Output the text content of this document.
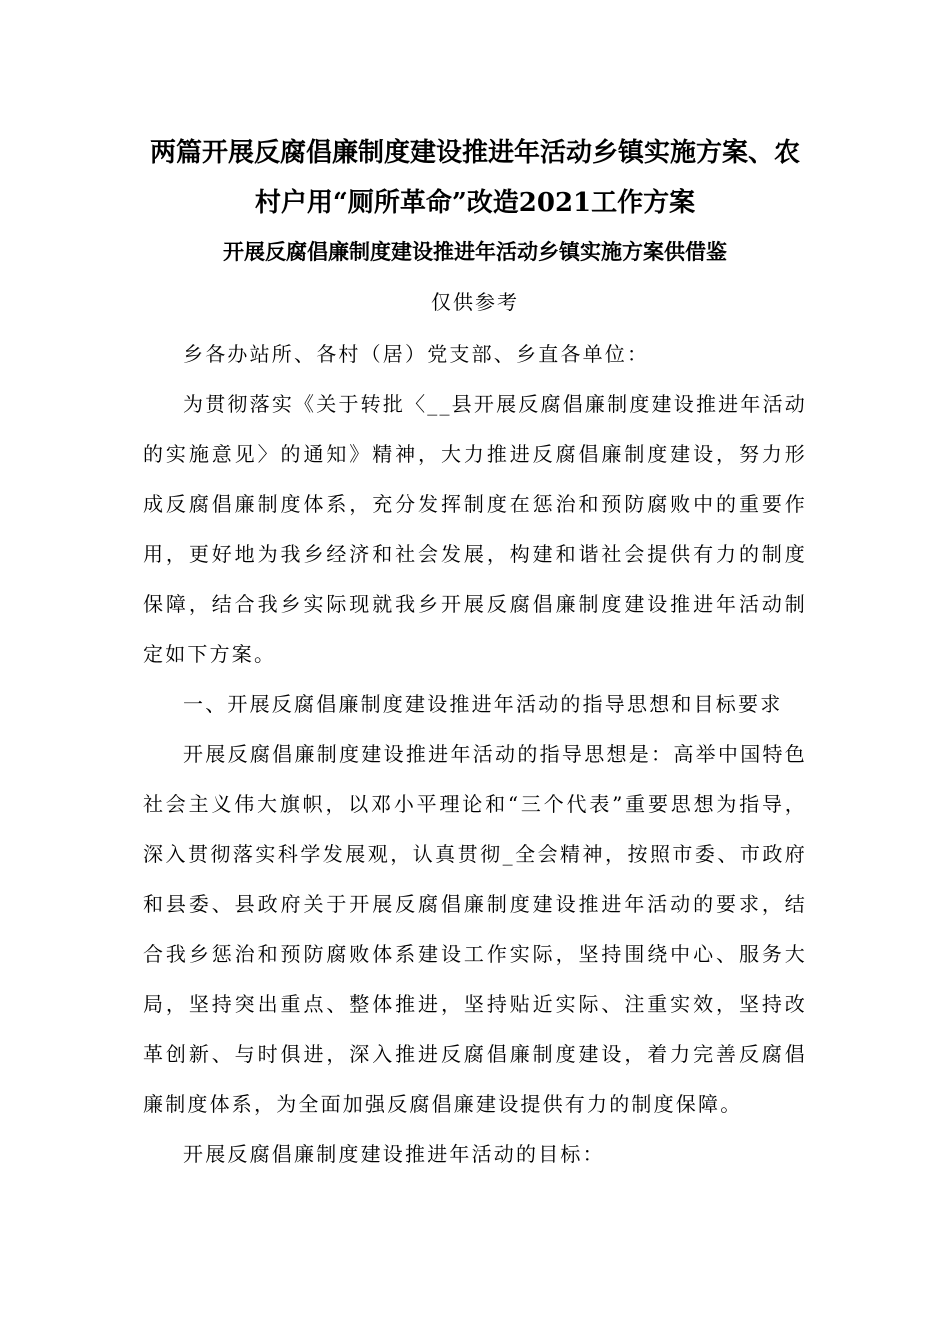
两篇开展反腐倡廉制度建设推进年活动乡镇实施方案、农
村户用“厕所革命”改造2021工作方案
开展反腐倡廉制度建设推进年活动乡镇实施方案供借鉴
仅供参考

乡各办站所、各村（居）党支部、乡直各单位：

为贯彻落实《关于转批〈__县开展反腐倡廉制度建设推进年活动的实施意见〉的通知》精神，大力推进反腐倡廉制度建设，努力形成反腐倡廉制度体系，充分发挥制度在惩治和预防腐败中的重要作用，更好地为我乡经济和社会发展，构建和谐社会提供有力的制度保障，结合我乡实际现就我乡开展反腐倡廉制度建设推进年活动制定如下方案。

一、开展反腐倡廉制度建设推进年活动的指导思想和目标要求

开展反腐倡廉制度建设推进年活动的指导思想是：高举中国特色社会主义伟大旗帜，以邓小平理论和“三个代表”重要思想为指导，深入贯彻落实科学发展观，认真贯彻_全会精神，按照市委、市政府和县委、县政府关于开展反腐倡廉制度建设推进年活动的要求，结合我乡惩治和预防腐败体系建设工作实际，坚持围绕中心、服务大局，坚持突出重点、整体推进，坚持贴近实际、注重实效，坚持改革创新、与时俱进，深入推进反腐倡廉制度建设，着力完善反腐倡廉制度体系，为全面加强反腐倡廉建设提供有力的制度保障。

开展反腐倡廉制度建设推进年活动的目标：
